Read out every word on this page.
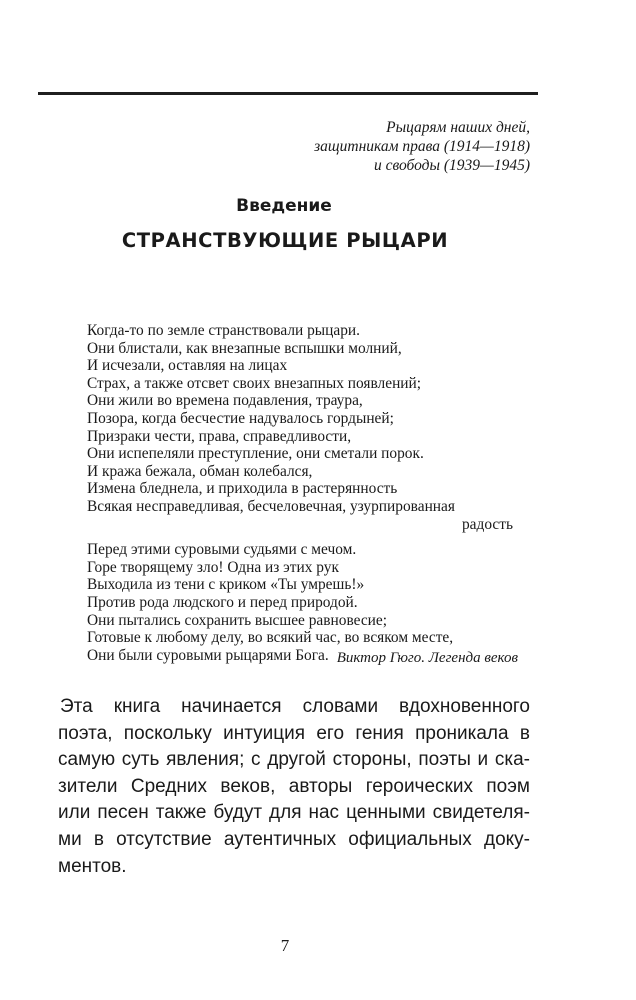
Рыцарям наших дней,
защитникам права (1914—1918)
и свободы (1939—1945)
Введение
СТРАНСТВУЮЩИЕ РЫЦАРИ
Когда-то по земле странствовали рыцари.
Они блистали, как внезапные вспышки молний,
И исчезали, оставляя на лицах
Страх, а также отсвет своих внезапных появлений;
Они жили во времена подавления, траура,
Позора, когда бесчестие надувалось гордыней;
Призраки чести, права, справедливости,
Они испепеляли преступление, они сметали порок.
И кража бежала, обман колебался,
Измена бледнела, и приходила в растерянность
Всякая несправедливая, бесчеловечная, узурпированная
радость
Перед этими суровыми судьями с мечом.
Горе творящему зло! Одна из этих рук
Выходила из тени с криком «Ты умрешь!»
Против рода людского и перед природой.
Они пытались сохранить высшее равновесие;
Готовые к любому делу, во всякий час, во всяком месте,
Они были суровыми рыцарями Бога. Виктор Гюго. Легенда веков
Эта книга начинается словами вдохновенного
поэта, поскольку интуиция его гения проникала в
самую суть явления; с другой стороны, поэты и ска-
зители Средних веков, авторы героических поэм
или песен также будут для нас ценными свидетеля-
ми в отсутствие аутентичных официальных доку-
ментов.
7
